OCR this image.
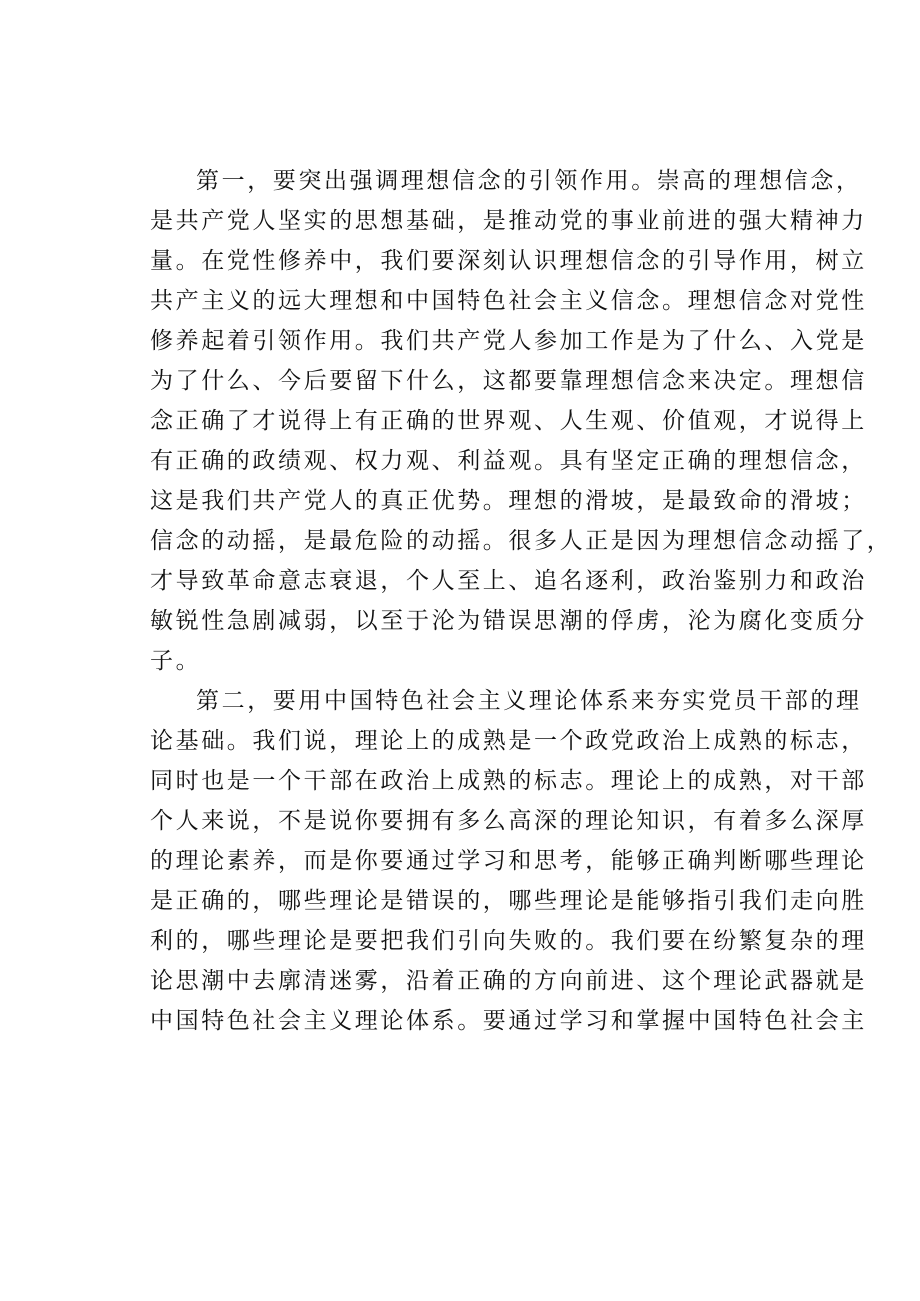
第一，要突出强调理想信念的引领作用。崇高的理想信念，
是共产党人坚实的思想基础，是推动党的事业前进的强大精神力
量。在党性修养中，我们要深刻认识理想信念的引导作用，树立
共产主义的远大理想和中国特色社会主义信念。理想信念对党性
修养起着引领作用。我们共产党人参加工作是为了什么、入党是
为了什么、今后要留下什么，这都要靠理想信念来决定。理想信
念正确了才说得上有正确的世界观、人生观、价值观，才说得上
有正确的政绩观、权力观、利益观。具有坚定正确的理想信念，
这是我们共产党人的真正优势。理想的滑坡，是最致命的滑坡；
信念的动摇，是最危险的动摇。很多人正是因为理想信念动摇了，
才导致革命意志衰退，个人至上、追名逐利，政治鉴别力和政治
敏锐性急剧减弱，以至于沦为错误思潮的俘虏，沦为腐化变质分
子。
第二，要用中国特色社会主义理论体系来夯实党员干部的理
论基础。我们说，理论上的成熟是一个政党政治上成熟的标志，
同时也是一个干部在政治上成熟的标志。理论上的成熟，对干部
个人来说，不是说你要拥有多么高深的理论知识，有着多么深厚
的理论素养，而是你要通过学习和思考，能够正确判断哪些理论
是正确的，哪些理论是错误的，哪些理论是能够指引我们走向胜
利的，哪些理论是要把我们引向失败的。我们要在纷繁复杂的理
论思潮中去廓清迷雾，沿着正确的方向前进、这个理论武器就是
中国特色社会主义理论体系。要通过学习和掌握中国特色社会主
